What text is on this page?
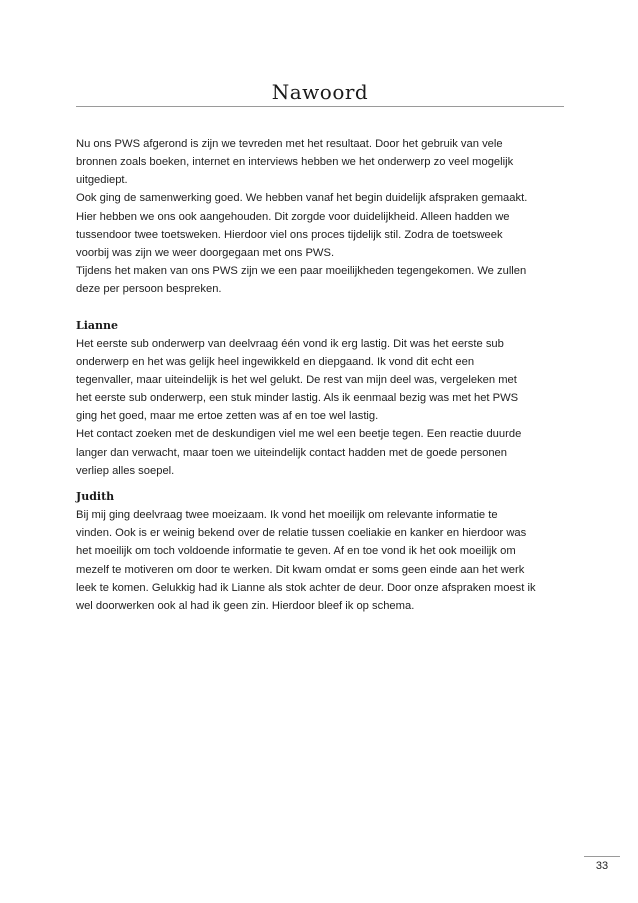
Nawoord
Nu ons PWS afgerond is zijn we tevreden met het resultaat. Door het gebruik van vele
bronnen zoals boeken, internet en interviews hebben we het onderwerp zo veel mogelijk
uitgediept.
Ook ging de samenwerking goed. We hebben vanaf het begin duidelijk afspraken gemaakt.
Hier hebben we ons ook aangehouden. Dit zorgde voor duidelijkheid. Alleen hadden we
tussendoor twee toetsweken. Hierdoor viel ons proces tijdelijk stil. Zodra de toetsweek
voorbij was zijn we weer doorgegaan met ons PWS.
Tijdens het maken van ons PWS zijn we een paar moeilijkheden tegengekomen. We zullen
deze per persoon bespreken.
Lianne
Het eerste sub onderwerp van deelvraag één vond ik erg lastig. Dit was het eerste sub
onderwerp en het was gelijk heel ingewikkeld en diepgaand. Ik vond dit echt een
tegenvaller, maar uiteindelijk is het wel gelukt. De rest van mijn deel was, vergeleken met
het eerste sub onderwerp, een stuk minder lastig. Als ik eenmaal bezig was met het PWS
ging het goed, maar me ertoe zetten was af en toe wel lastig.
Het contact zoeken met de deskundigen viel me wel een beetje tegen. Een reactie duurde
langer dan verwacht, maar toen we uiteindelijk contact hadden met de goede personen
verliep alles soepel.
Judith
Bij mij ging deelvraag twee moeizaam. Ik vond het moeilijk om relevante informatie te
vinden. Ook is er weinig bekend over de relatie tussen coeliakie en kanker en hierdoor was
het moeilijk om toch voldoende informatie te geven. Af en toe vond ik het ook moeilijk om
mezelf te motiveren om door te werken. Dit kwam omdat er soms geen einde aan het werk
leek te komen. Gelukkig had ik Lianne als stok achter de deur. Door onze afspraken moest ik
wel doorwerken ook al had ik geen zin. Hierdoor bleef ik op schema.
33
